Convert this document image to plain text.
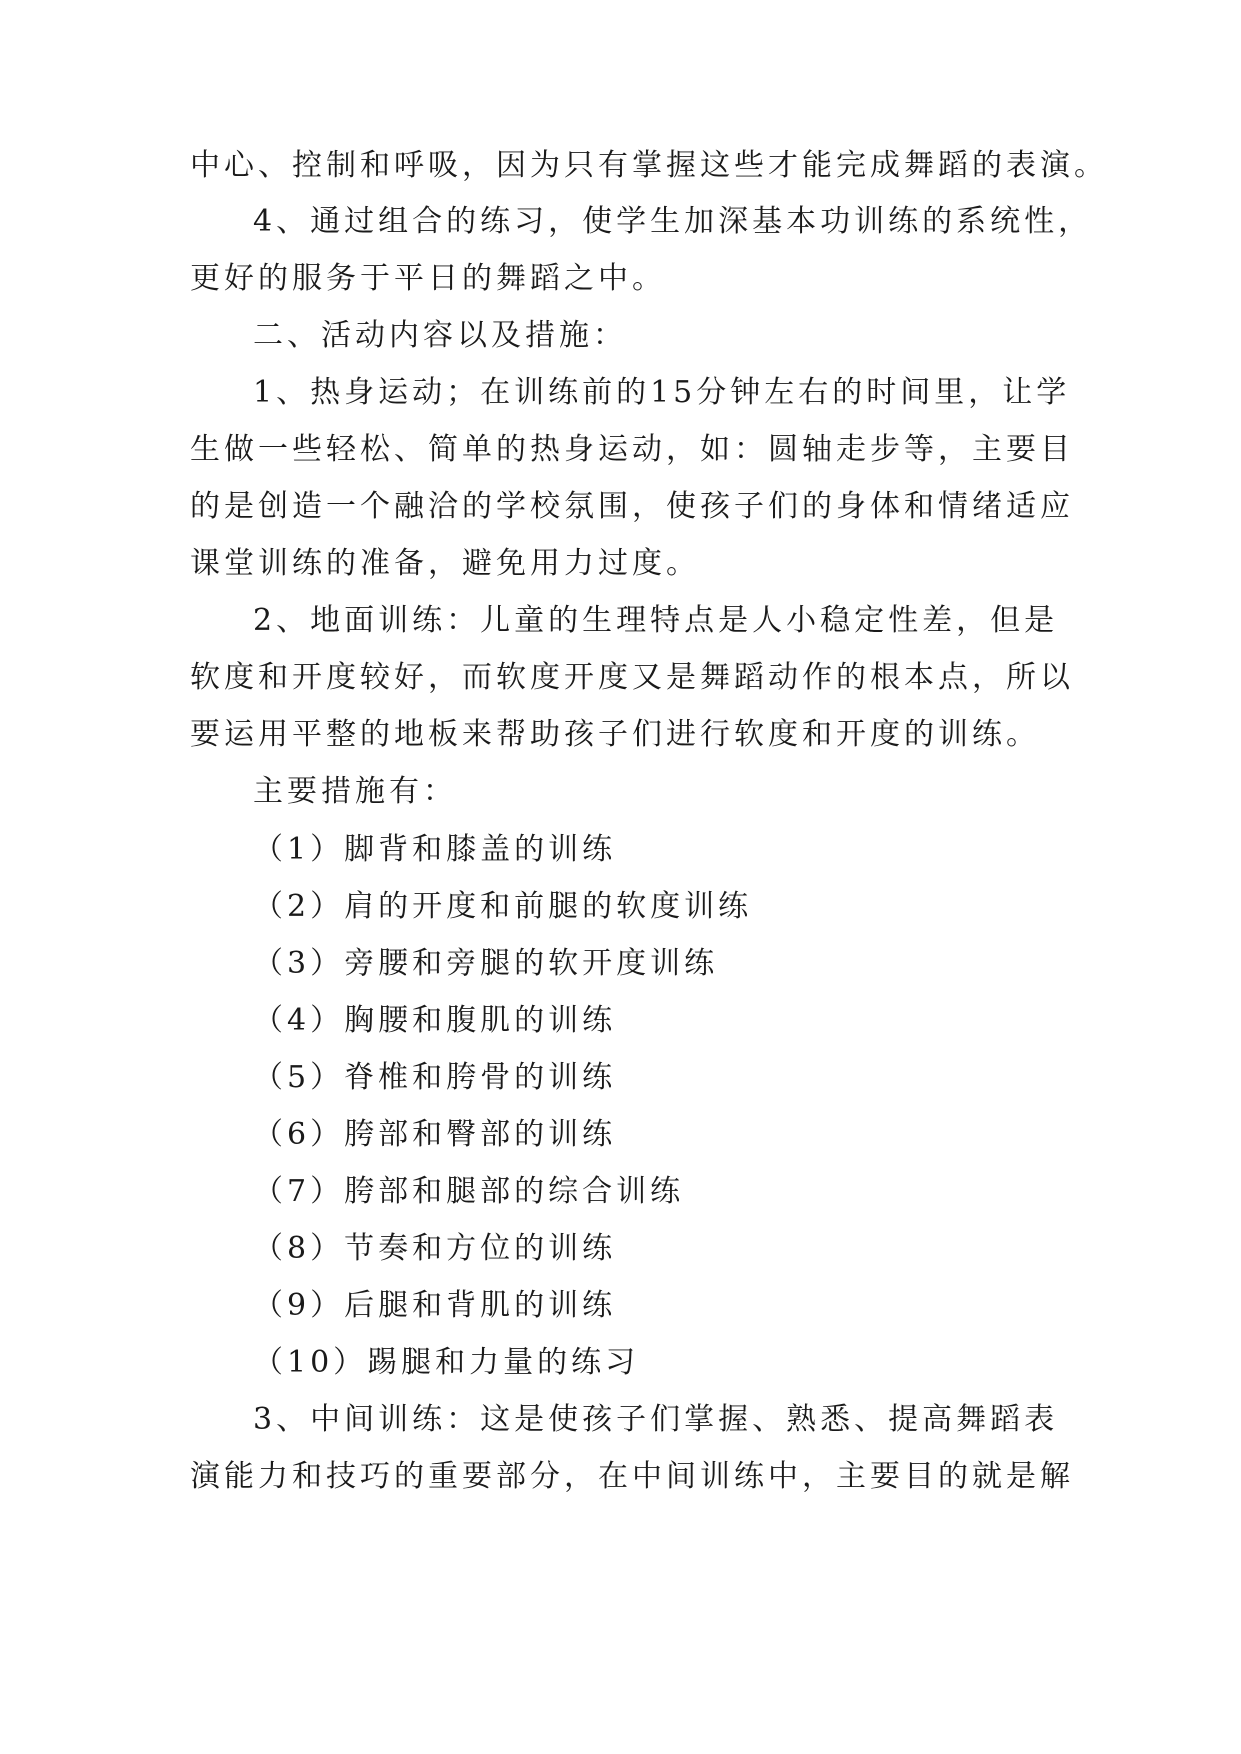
中心、控制和呼吸，因为只有掌握这些才能完成舞蹈的表演。
4、通过组合的练习，使学生加深基本功训练的系统性，
更好的服务于平日的舞蹈之中。
二、活动内容以及措施：
1、热身运动；在训练前的15分钟左右的时间里，让学
生做一些轻松、简单的热身运动，如：圆轴走步等，主要目
的是创造一个融洽的学校氛围，使孩子们的身体和情绪适应
课堂训练的准备，避免用力过度。
2、地面训练：儿童的生理特点是人小稳定性差，但是
软度和开度较好，而软度开度又是舞蹈动作的根本点，所以
要运用平整的地板来帮助孩子们进行软度和开度的训练。
主要措施有：
（1）脚背和膝盖的训练
（2）肩的开度和前腿的软度训练
（3）旁腰和旁腿的软开度训练
（4）胸腰和腹肌的训练
（5）脊椎和胯骨的训练
（6）胯部和臀部的训练
（7）胯部和腿部的综合训练
（8）节奏和方位的训练
（9）后腿和背肌的训练
（10）踢腿和力量的练习
3、中间训练：这是使孩子们掌握、熟悉、提高舞蹈表
演能力和技巧的重要部分，在中间训练中，主要目的就是解
